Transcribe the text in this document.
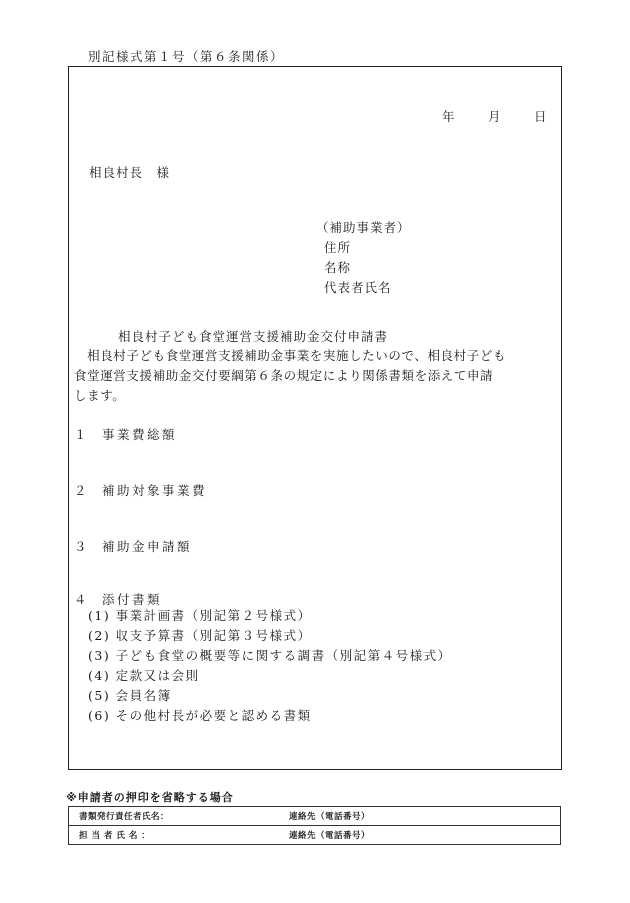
別記様式第１号（第６条関係）
年	月	日
相良村長　様
（補助事業者）
住所
名称
代表者氏名
相良村子ども食堂運営支援補助金交付申請書
　相良村子ども食堂運営支援補助金事業を実施したいので、相良村子ども
食堂運営支援補助金交付要綱第６条の規定により関係書類を添えて申請
します。
１ 事業費総額
２ 補助対象事業費
３ 補助金申請額
４ 添付書類
(1) 事業計画書（別記第２号様式）
(2) 収支予算書（別記第３号様式）
(3) 子ども食堂の概要等に関する調書（別記第４号様式）
(4) 定款又は会則
(5) 会員名簿
(6) その他村長が必要と認める書類
※申請者の押印を省略する場合
書類発行責任者氏名：	連絡先（電話番号）
担 当 者 氏 名 ：	連絡先（電話番号）
